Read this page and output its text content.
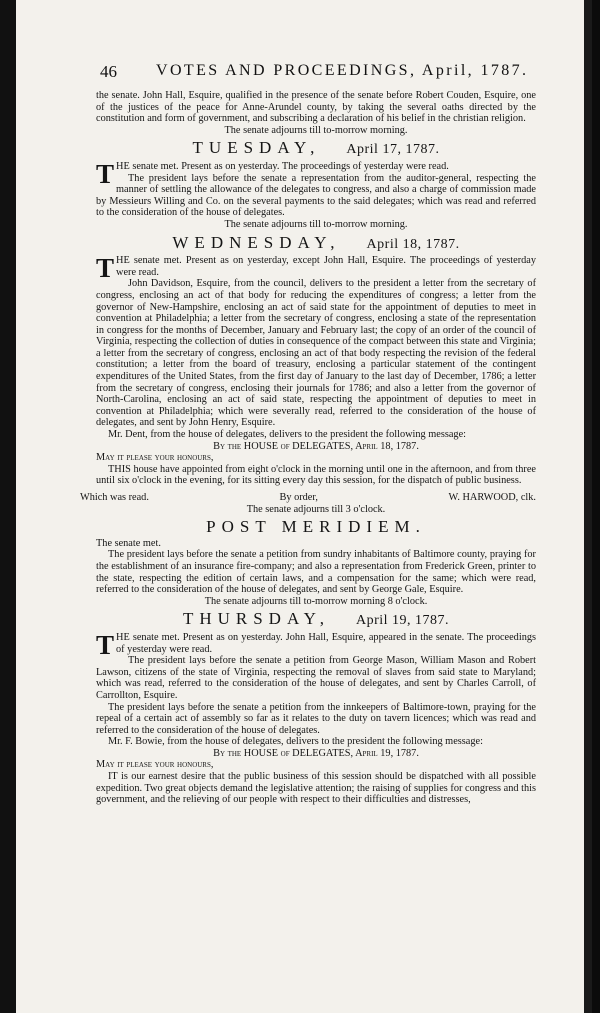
46 VOTES AND PROCEEDINGS, April, 1787.

the senate. John Hall, Esquire, qualified in the presence of the senate before Robert Couden, Esquire, one of the justices of the peace for Anne-Arundel county, by taking the several oaths directed by the constitution and form of government, and subscribing a declaration of his belief in the christian religion.

The senate adjourns till to-morrow morning.

TUESDAY, April 17, 1787.

THE senate met. Present as on yesterday. The proceedings of yesterday were read.

The president lays before the senate a representation from the auditor-general, respecting the manner of settling the allowance of the delegates to congress, and also a charge of commission made by Messieurs Willing and Co. on the several payments to the said delegates; which was read and referred to the consideration of the house of delegates.

The senate adjourns till to-morrow morning.

WEDNESDAY, April 18, 1787.

THE senate met. Present as on yesterday, except John Hall, Esquire. The proceedings of yesterday were read.

John Davidson, Esquire, from the council, delivers to the president a letter from the secretary of congress, enclosing an act of that body for reducing the expenditures of congress; a letter from the governor of New-Hampshire, enclosing an act of said state for the appointment of deputies to meet in convention at Philadelphia; a letter from the secretary of congress, enclosing a state of the representation in congress for the months of December, January and February last; the copy of an order of the council of Virginia, respecting the collection of duties in consequence of the compact between this state and Virginia; a letter from the secretary of congress, enclosing an act of that body respecting the revision of the federal constitution; a letter from the board of treasury, enclosing a particular statement of the contingent expenditures of the United States, from the first day of January to the last day of December, 1786; a letter from the secretary of congress, enclosing their journals for 1786; and also a letter from the governor of North-Carolina, enclosing an act of said state, respecting the appointment of deputies to meet in convention at Philadelphia; which were severally read, referred to the consideration of the house of delegates, and sent by John Henry, Esquire.

Mr. Dent, from the house of delegates, delivers to the president the following message:

By the HOUSE of DELEGATES, April 18, 1787.

May it please your honours,

THIS house have appointed from eight o'clock in the morning until one in the afternoon, and from three until six o'clock in the evening, for its sitting every day this session, for the dispatch of public business.

Which was read.	By order,	W. HARWOOD, clk.

The senate adjourns till 3 o'clock.

POST MERIDIEM.

The senate met.

The president lays before the senate a petition from sundry inhabitants of Baltimore county, praying for the establishment of an insurance fire-company; and also a representation from Frederick Green, printer to the state, respecting the edition of certain laws, and a compensation for the same; which were read, referred to the consideration of the house of delegates, and sent by George Gale, Esquire.

The senate adjourns till to-morrow morning 8 o'clock.

THURSDAY, April 19, 1787.

THE senate met. Present as on yesterday. John Hall, Esquire, appeared in the senate. The proceedings of yesterday were read.

The president lays before the senate a petition from George Mason, William Mason and Robert Lawson, citizens of the state of Virginia, respecting the removal of slaves from said state to Maryland; which was read, referred to the consideration of the house of delegates, and sent by Charles Carroll, of Carrollton, Esquire.

The president lays before the senate a petition from the innkeepers of Baltimore-town, praying for the repeal of a certain act of assembly so far as it relates to the duty on tavern licences; which was read and referred to the consideration of the house of delegates.

Mr. F. Bowie, from the house of delegates, delivers to the president the following message:

By the HOUSE of DELEGATES, April 19, 1787.

May it please your honours,

IT is our earnest desire that the public business of this session should be dispatched with all possible expedition. Two great objects demand the legislative attention; the raising of supplies for congress and this government, and the relieving of our people with respect to their difficulties and distresses,
